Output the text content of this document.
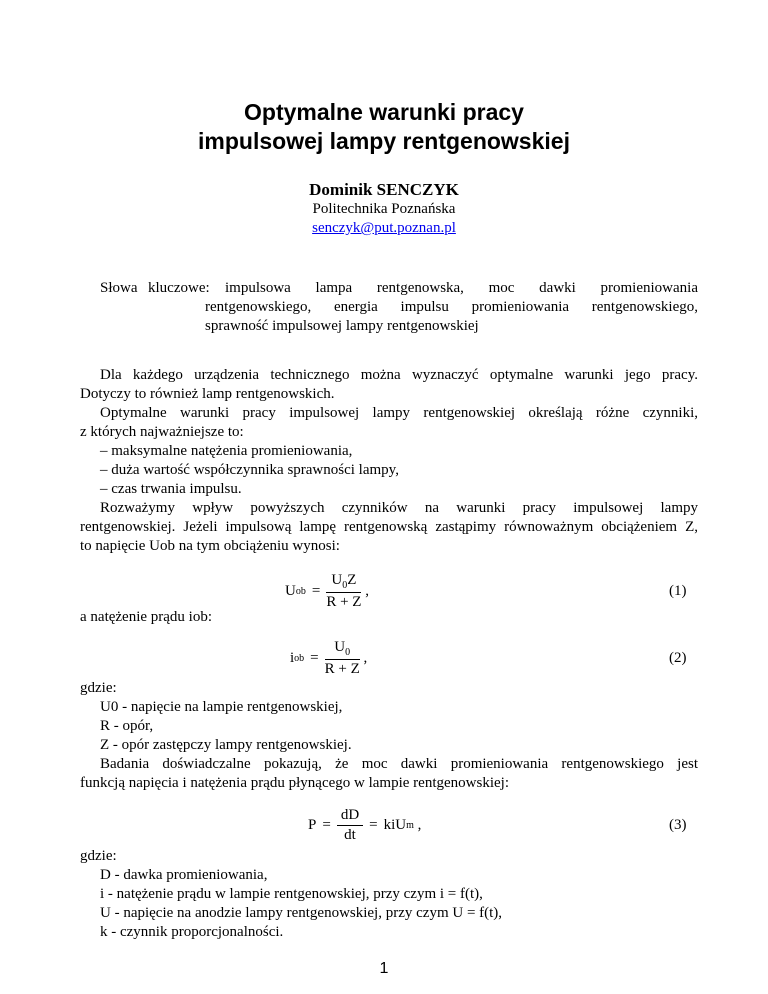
Optymalne warunki pracy
impulsowej lampy rentgenowskiej
Dominik SENCZYK
Politechnika Poznańska
senczyk@put.poznan.pl
Słowa kluczowe: impulsowa lampa rentgenowska, moc dawki promieniowania
rentgenowskiego, energia impulsu promieniowania rentgenowskiego,
sprawność impulsowej lampy rentgenowskiej
Dla każdego urządzenia technicznego można wyznaczyć optymalne warunki jego pracy.
Dotyczy to również lamp rentgenowskich.
Optymalne warunki pracy impulsowej lampy rentgenowskiej określają różne czynniki,
z których najważniejsze to:
– maksymalne natężenia promieniowania,
– duża wartość współczynnika sprawności lampy,
– czas trwania impulsu.
Rozważymy wpływ powyższych czynników na warunki pracy impulsowej lampy
rentgenowskiej. Jeżeli impulsową lampę rentgenowską zastąpimy równoważnym obciążeniem Z,
to napięcie Uob na tym obciążeniu wynosi:
U ob = $\frac{U_0Z}{R + Z}$ ,	(1)
a natężenie prądu iob:
i ob = $\frac{U_0}{R + Z}$ ,	(2)
gdzie:
U0 - napięcie na lampie rentgenowskiej,
R - opór,
Z - opór zastępczy lampy rentgenowskiej.
Badania doświadczalne pokazują, że moc dawki promieniowania rentgenowskiego jest
funkcją napięcia i natężenia prądu płynącego w lampie rentgenowskiej:
$P = \frac{dD}{dt}$ = kiU m ,	(3)
gdzie:
D - dawka promieniowania,
i - natężenie prądu w lampie rentgenowskiej, przy czym i = f(t),
U - napięcie na anodzie lampy rentgenowskiej, przy czym U = f(t),
k - czynnik proporcjonalności.
1
